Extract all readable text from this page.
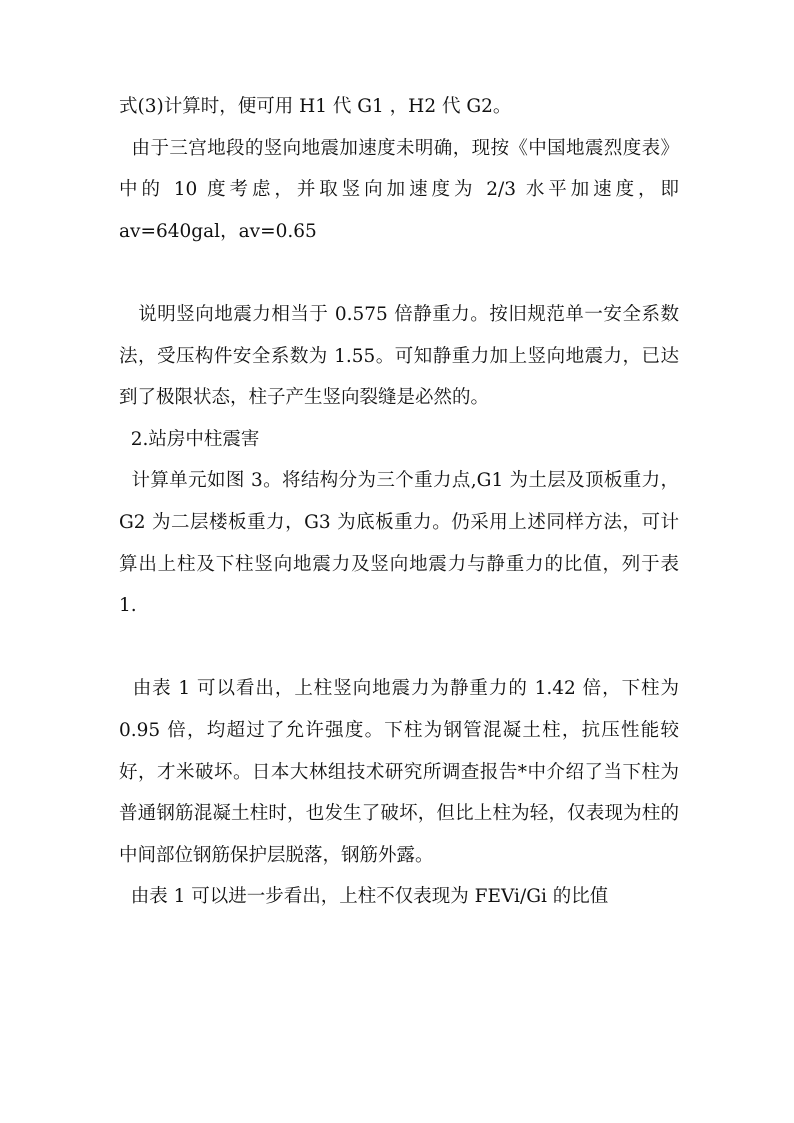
式(3)计算时，便可用 H1 代 G1 ，H2 代 G2。

由于三宫地段的竖向地震加速度未明确，现按《中国地震烈度表》中的 10 度考虑，并取竖向加速度为 2/3 水平加速度，即 av=640gal，av=0.65

说明竖向地震力相当于 0.575 倍静重力。按旧规范单一安全系数法，受压构件安全系数为 1.55。可知静重力加上竖向地震力，已达到了极限状态，柱子产生竖向裂缝是必然的。

2.站房中柱震害

计算单元如图 3。将结构分为三个重力点,G1 为土层及顶板重力，G2 为二层楼板重力，G3 为底板重力。仍采用上述同样方法，可计算出上柱及下柱竖向地震力及竖向地震力与静重力的比值，列于表 1.

由表 1 可以看出，上柱竖向地震力为静重力的 1.42 倍，下柱为 0.95 倍，均超过了允许强度。下柱为钢管混凝土柱，抗压性能较好，才米破坏。日本大林组技术研究所调查报告*中介绍了当下柱为普通钢筋混凝土柱时，也发生了破坏，但比上柱为轻，仅表现为柱的中间部位钢筋保护层脱落，钢筋外露。

由表 1 可以进一步看出，上柱不仅表现为 FEVi/Gi 的比值
